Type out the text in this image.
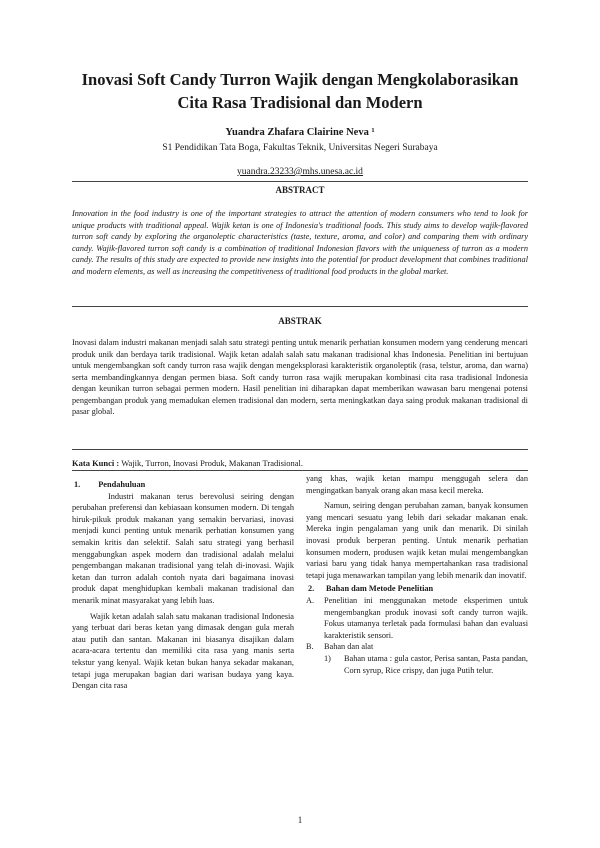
Inovasi Soft Candy Turron Wajik dengan Mengkolaborasikan
Cita Rasa Tradisional dan Modern
Yuandra Zhafara Clairine Neva ¹
S1 Pendidikan Tata Boga, Fakultas Teknik, Universitas Negeri Surabaya
yuandra.23233@mhs.unesa.ac.id
ABSTRACT
Innovation in the food industry is one of the important strategies to attract the attention of modern consumers who tend to look for unique products with traditional appeal. Wajik ketan is one of Indonesia's traditional foods. This study aims to develop wajik-flavored turron soft candy by exploring the organoleptic characteristics (taste, texture, aroma, and color) and comparing them with ordinary candy. Wajik-flavored turron soft candy is a combination of traditional Indonesian flavors with the uniqueness of turron as a modern candy. The results of this study are expected to provide new insights into the potential for product development that combines traditional and modern elements, as well as increasing the competitiveness of traditional food products in the global market.
ABSTRAK
Inovasi dalam industri makanan menjadi salah satu strategi penting untuk menarik perhatian konsumen modern yang cenderung mencari produk unik dan berdaya tarik tradisional. Wajik ketan adalah salah satu makanan tradisional khas Indonesia. Penelitian ini bertujuan untuk mengembangkan soft candy turron rasa wajik dengan mengeksplorasi karakteristik organoleptik (rasa, telstur, aroma, dan warna) serta membandingkannya dengan permen biasa. Soft candy turron rasa wajik merupakan kombinasi cita rasa tradisional Indonesia dengan keunikan turron sebagai permen modern. Hasil penelitian ini diharapkan dapat memberikan wawasan baru mengenai potensi pengembangan produk yang memadukan elemen tradisional dan modern, serta meningkatkan daya saing produk makanan tradisional di pasar global.
Kata Kunci : Wajik, Turron, Inovasi Produk, Makanan Tradisional.

1. Pendahuluan

Industri makanan terus berevolusi seiring dengan perubahan preferensi dan kebiasaan konsumen modern. Di tengah hiruk-pikuk produk makanan yang semakin bervariasi, inovasi menjadi kunci penting untuk menarik perhatian konsumen yang semakin kritis dan selektif. Salah satu strategi yang berhasil menggabungkan aspek modern dan tradisional adalah melalui pengembangan makanan tradisional yang telah di-inovasi. Wajik ketan dan turron adalah contoh nyata dari bagaimana inovasi produk dapat menghidupkan kembali makanan tradisional dan menarik minat masyarakat yang lebih luas.

Wajik ketan adalah salah satu makanan tradisional Indonesia yang terbuat dari beras ketan yang dimasak dengan gula merah atau putih dan santan. Makanan ini biasanya disajikan dalam acara-acara tertentu dan memiliki cita rasa yang manis serta tekstur yang kenyal. Wajik ketan bukan hanya sekadar makanan, tetapi juga merupakan bagian dari warisan budaya yang kaya. Dengan cita rasa

yang khas, wajik ketan mampu menggugah selera dan mengingatkan banyak orang akan masa kecil mereka.

Namun, seiring dengan perubahan zaman, banyak konsumen yang mencari sesuatu yang lebih dari sekadar makanan enak. Mereka ingin pengalaman yang unik dan menarik. Di sinilah inovasi produk berperan penting. Untuk menarik perhatian konsumen modern, produsen wajik ketan mulai mengembangkan variasi baru yang tidak hanya mempertahankan rasa tradisional tetapi juga menawarkan tampilan yang lebih menarik dan inovatif.

2. Bahan dam Metode Penelitian

A.	Penelitian ini menggunakan metode eksperimen untuk mengembangkan produk inovasi soft candy turron wajik. Fokus utamanya terletak pada formulasi bahan dan evaluasi karakteristik sensori.
B.	Bahan dan alat
1)	Bahan utama : gula castor, Perisa santan, Pasta pandan, Corn syrup, Rice crispy, dan juga Putih telur.
1
